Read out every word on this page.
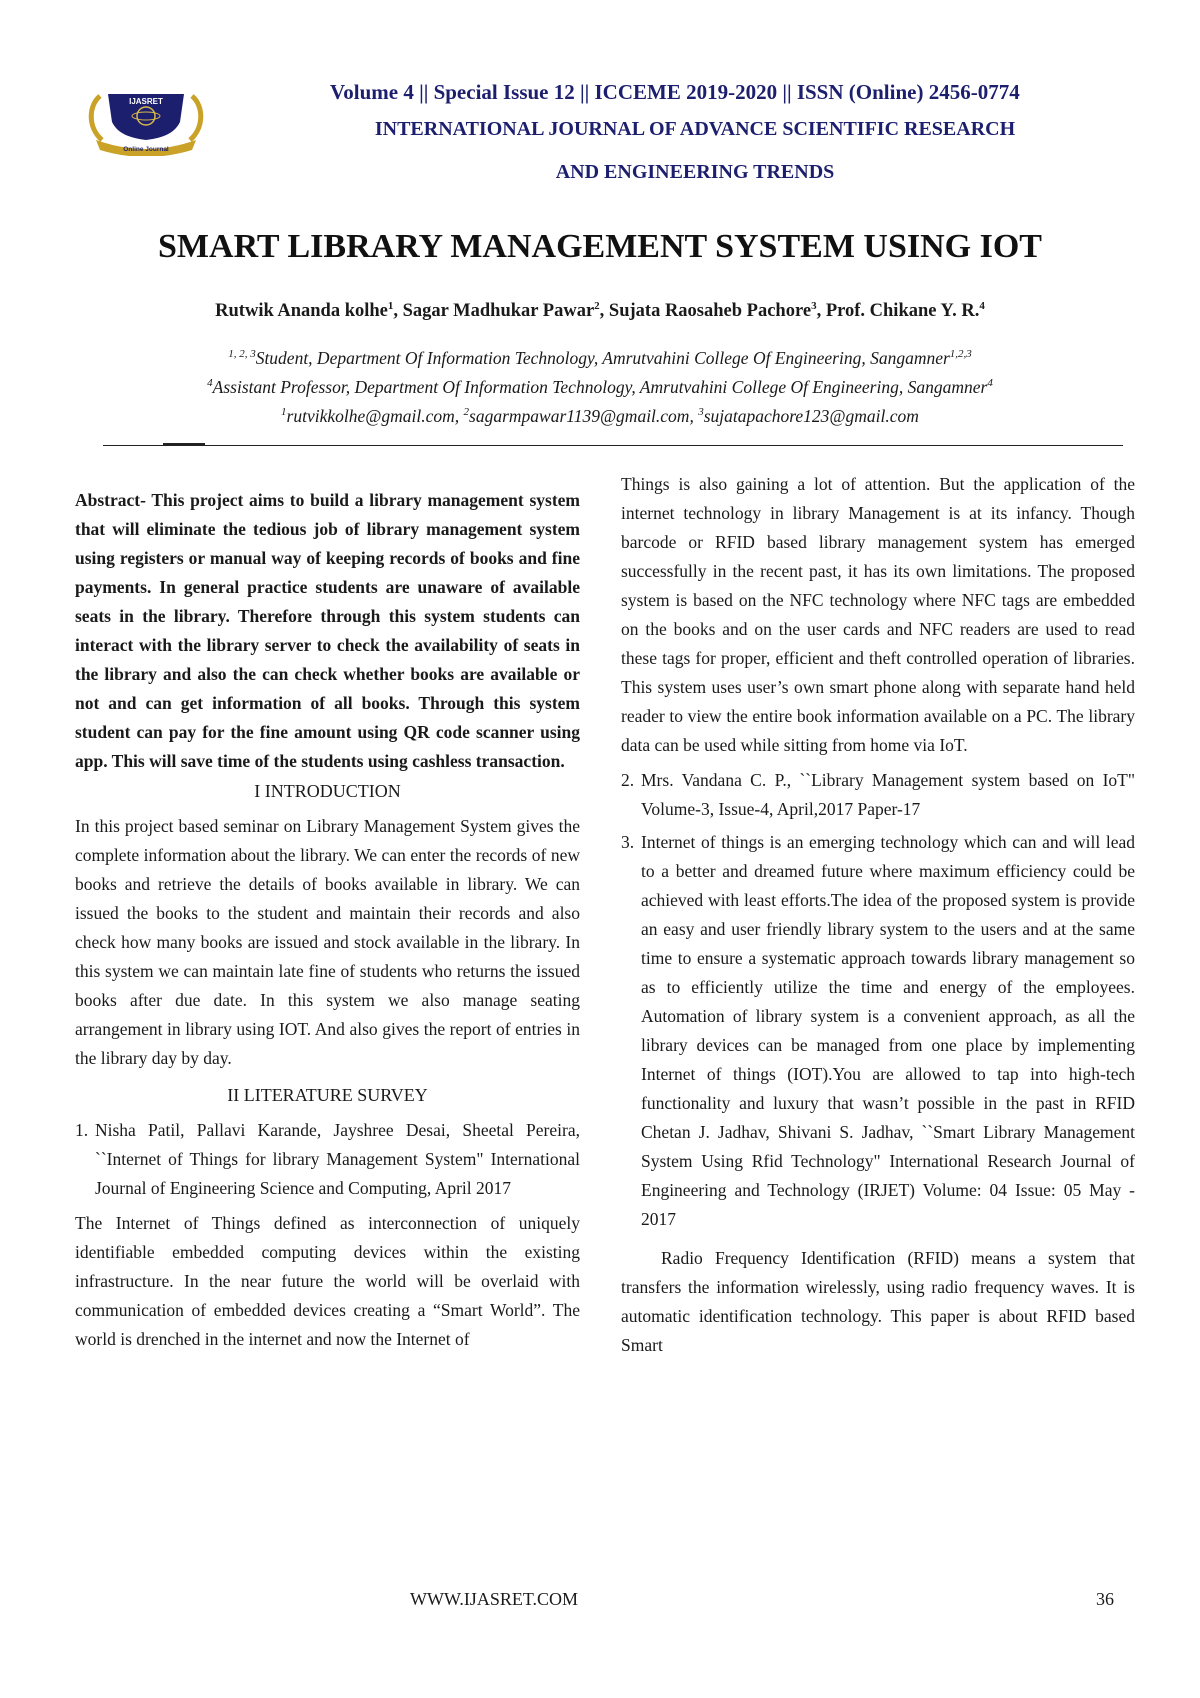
IJASRET
Online Journal
Volume 4 || Special Issue 12 || ICCEME 2019-2020 || ISSN (Online) 2456-0774
INTERNATIONAL JOURNAL OF ADVANCE SCIENTIFIC RESEARCH
AND ENGINEERING TRENDS
SMART LIBRARY MANAGEMENT SYSTEM USING IOT
Rutwik Ananda kolhe$^1$, Sagar Madhukar Pawar$^2$, Sujata Raosaheb Pachore$^3$, Prof. Chikane Y. R.$^4$
$^{1, 2, 3}$Student, Department Of Information Technology, Amrutvahini College Of Engineering, Sangamner$^{1,2,3}$
$^4$Assistant Professor, Department Of Information Technology, Amrutvahini College Of Engineering, Sangamner$^4$
$^1$rutvikkolhe@gmail.com, $^2$sagarmpawar1139@gmail.com, $^3$sujatapachore123@gmail.com

Abstract- This project aims to build a library management system that will eliminate the tedious job of library management system using registers or manual way of keeping records of books and fine payments. In general practice students are unaware of available seats in the library. Therefore through this system students can interact with the library server to check the availability of seats in the library and also the can check whether books are available or not and can get information of all books. Through this system student can pay for the fine amount using QR code scanner using app. This will save time of the students using cashless transaction.

I INTRODUCTION

In this project based seminar on Library Management System gives the complete information about the library. We can enter the records of new books and retrieve the details of books available in library. We can issued the books to the student and maintain their records and also check how many books are issued and stock available in the library. In this system we can maintain late fine of students who returns the issued books after due date. In this system we also manage seating arrangement in library using IOT. And also gives the report of entries in the library day by day.

II LITERATURE SURVEY

1. Nisha Patil, Pallavi Karande, Jayshree Desai, Sheetal Pereira, ``Internet of Things for library Management System" International Journal of Engineering Science and Computing, April 2017

The Internet of Things defined as interconnection of uniquely identifiable embedded computing devices within the existing infrastructure. In the near future the world will be overlaid with communication of embedded devices creating a “Smart World”. The world is drenched in the internet and now the Internet of

Things is also gaining a lot of attention. But the application of the internet technology in library Management is at its infancy. Though barcode or RFID based library management system has emerged successfully in the recent past, it has its own limitations. The proposed system is based on the NFC technology where NFC tags are embedded on the books and on the user cards and NFC readers are used to read these tags for proper, efficient and theft controlled operation of libraries. This system uses user’s own smart phone along with separate hand held reader to view the entire book information available on a PC. The library data can be used while sitting from home via IoT.

2. Mrs. Vandana C. P., ``Library Management system based on IoT" Volume-3, Issue-4, April,2017 Paper-17
3. Internet of things is an emerging technology which can and will lead to a better and dreamed future where maximum efficiency could be achieved with least efforts.The idea of the proposed system is provide an easy and user friendly library system to the users and at the same time to ensure a systematic approach towards library management so as to efficiently utilize the time and energy of the employees. Automation of library system is a convenient approach, as all the library devices can be managed from one place by implementing Internet of things (IOT).You are allowed to tap into high-tech functionality and luxury that wasn’t possible in the past in RFID Chetan J. Jadhav, Shivani S. Jadhav, ``Smart Library Management System Using Rfid Technology" International Research Journal of Engineering and Technology (IRJET) Volume: 04 Issue: 05 May - 2017

Radio Frequency Identification (RFID) means a system that transfers the information wirelessly, using radio frequency waves. It is automatic identification technology. This paper is about RFID based Smart

WWW.IJASRET.COM	36
